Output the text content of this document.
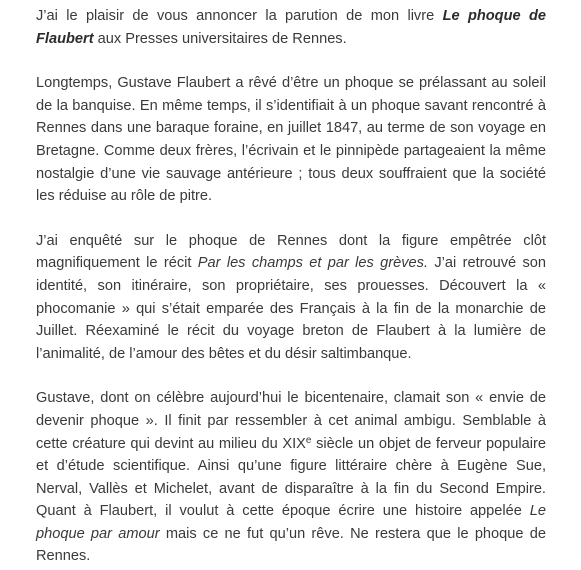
J’ai le plaisir de vous annoncer la parution de mon livre Le phoque de Flaubert aux Presses universitaires de Rennes.

Longtemps, Gustave Flaubert a rêvé d’être un phoque se prélassant au soleil de la banquise. En même temps, il s’identifiait à un phoque savant rencontré à Rennes dans une baraque foraine, en juillet 1847, au terme de son voyage en Bretagne. Comme deux frères, l’écrivain et le pinnipède partageaient la même nostalgie d’une vie sauvage antérieure ; tous deux souffraient que la société les réduise au rôle de pitre.

J’ai enquêté sur le phoque de Rennes dont la figure empêtrée clôt magnifiquement le récit Par les champs et par les grèves. J’ai retrouvé son identité, son itinéraire, son propriétaire, ses prouesses. Découvert la « phocomanie » qui s’était emparée des Français à la fin de la monarchie de Juillet. Réexaminé le récit du voyage breton de Flaubert à la lumière de l’animalité, de l’amour des bêtes et du désir saltimbanque.

Gustave, dont on célèbre aujourd’hui le bicentenaire, clamait son « envie de devenir phoque ». Il finit par ressembler à cet animal ambigu. Semblable à cette créature qui devint au milieu du XIXe siècle un objet de ferveur populaire et d’étude scientifique. Ainsi qu’une figure littéraire chère à Eugène Sue, Nerval, Vallès et Michelet, avant de disparaître à la fin du Second Empire. Quant à Flaubert, il voulut à cette époque écrire une histoire appelée Le phoque par amour mais ce ne fut qu’un rêve. Ne restera que le phoque de Rennes.
